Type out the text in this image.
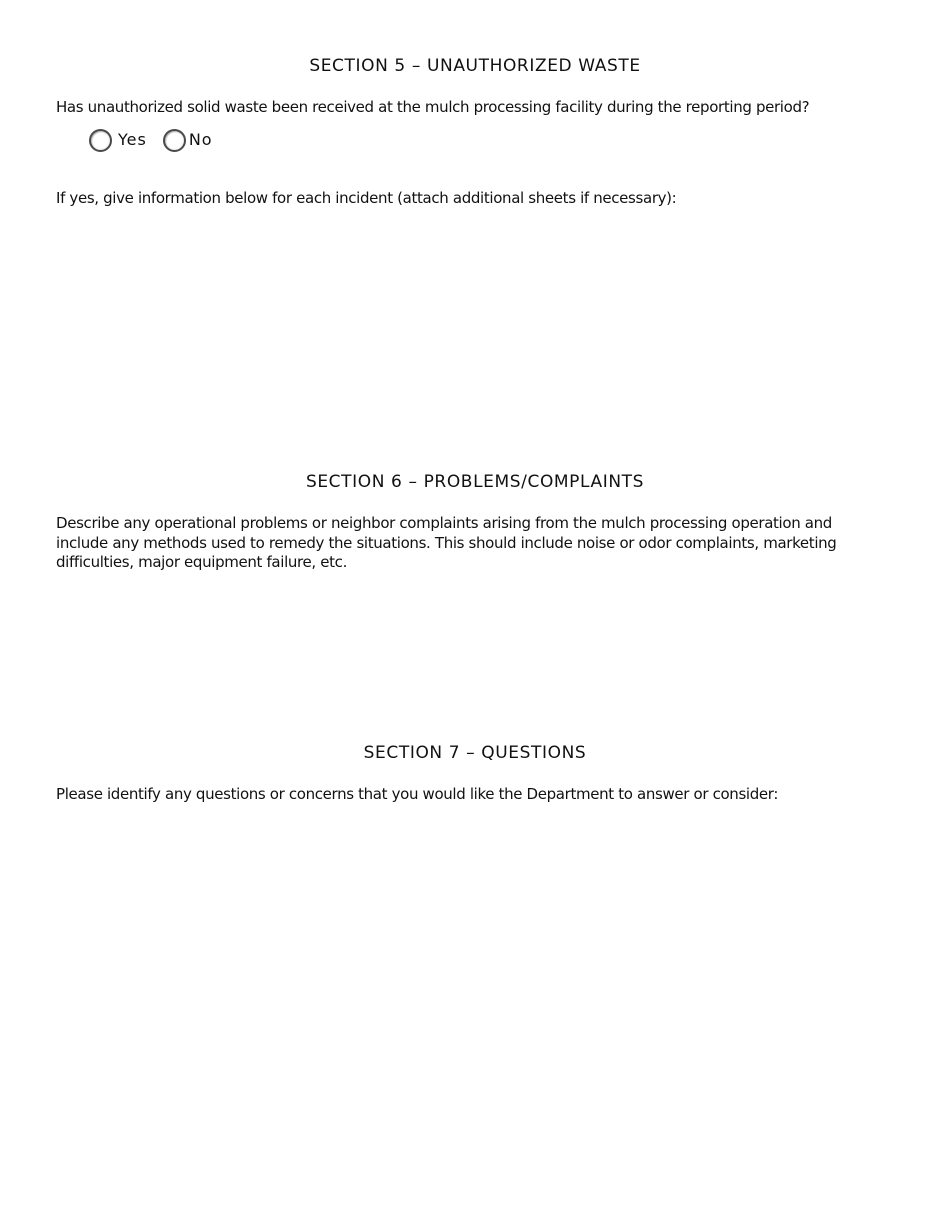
SECTION 5 – UNAUTHORIZED WASTE

Has unauthorized solid waste been received at the mulch processing facility during the reporting period?

Yes	No

If yes, give information below for each incident (attach additional sheets if necessary):

SECTION 6 – PROBLEMS/COMPLAINTS

Describe any operational problems or neighbor complaints arising from the mulch processing operation and

include any methods used to remedy the situations. This should include noise or odor complaints, marketing

difficulties, major equipment failure, etc.

SECTION 7 – QUESTIONS

Please identify any questions or concerns that you would like the Department to answer or consider:
